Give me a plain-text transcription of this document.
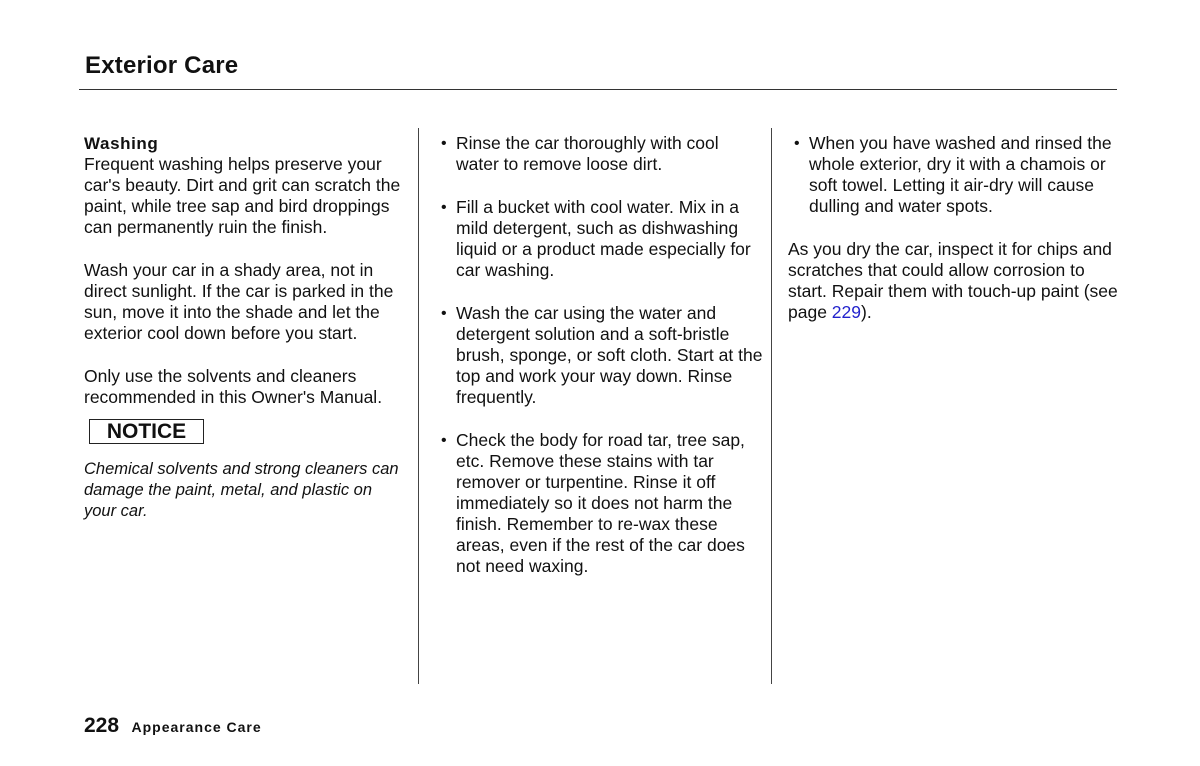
Exterior Care
Washing

Frequent washing helps preserve your car's beauty. Dirt and grit can scratch the paint, while tree sap and bird droppings can permanently ruin the finish.

Wash your car in a shady area, not in direct sunlight. If the car is parked in the sun, move it into the shade and let the exterior cool down before you start.

Only use the solvents and cleaners recommended in this Owner's Manual.

NOTICE
Chemical solvents and strong cleaners can damage the paint, metal, and plastic on your car.
• Rinse the car thoroughly with cool water to remove loose dirt.
• Fill a bucket with cool water. Mix in a mild detergent, such as dishwashing liquid or a product made especially for car washing.
• Wash the car using the water and detergent solution and a soft-bristle brush, sponge, or soft cloth. Start at the top and work your way down. Rinse frequently.
• Check the body for road tar, tree sap, etc. Remove these stains with tar remover or turpentine. Rinse it off immediately so it does not harm the finish. Remember to re-wax these areas, even if the rest of the car does not need waxing.
• When you have washed and rinsed the whole exterior, dry it with a chamois or soft towel. Letting it air-dry will cause dulling and water spots.

As you dry the car, inspect it for chips and scratches that could allow corrosion to start. Repair them with touch-up paint (see page 229).

228 Appearance Care
